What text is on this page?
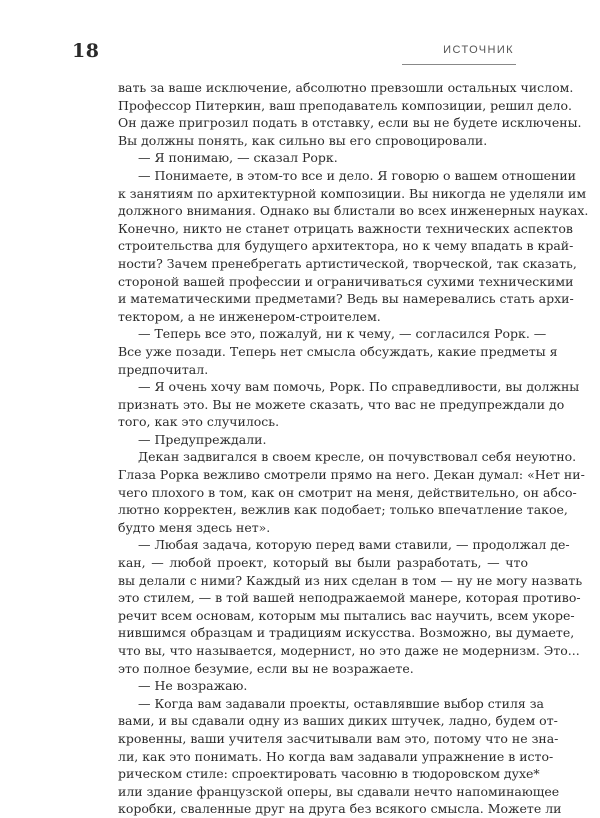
18	ИСТОЧНИК
вать за ваше исключение, абсолютно превзошли остальных числом.
Профессор Питеркин, ваш преподаватель композиции, решил дело.
Он даже пригрозил подать в отставку, если вы не будете исключены.
Вы должны понять, как сильно вы его спровоцировали.
— Я понимаю, — сказал Рорк.
— Понимаете, в этом-то все и дело. Я говорю о вашем отношении
к занятиям по архитектурной композиции. Вы никогда не уделяли им
должного внимания. Однако вы блистали во всех инженерных науках.
Конечно, никто не станет отрицать важности технических аспектов
строительства для будущего архитектора, но к чему впадать в край-
ности? Зачем пренебрегать артистической, творческой, так сказать,
стороной вашей профессии и ограничиваться сухими техническими
и математическими предметами? Ведь вы намеревались стать архи-
тектором, а не инженером-строителем.
— Теперь все это, пожалуй, ни к чему, — согласился Рорк. —
Все уже позади. Теперь нет смысла обсуждать, какие предметы я
предпочитал.
— Я очень хочу вам помочь, Рорк. По справедливости, вы должны
признать это. Вы не можете сказать, что вас не предупреждали до
того, как это случилось.
— Предупреждали.
Декан задвигался в своем кресле, он почувствовал себя неуютно.
Глаза Рорка вежливо смотрели прямо на него. Декан думал: «Нет ни-
чего плохого в том, как он смотрит на меня, действительно, он абсо-
лютно корректен, вежлив как подобает; только впечатление такое,
будто меня здесь нет».
— Любая задача, которую перед вами ставили, — продолжал де-
кан, — любой проект, который вы были разработать, — что
вы делали с ними? Каждый из них сделан в том — ну не могу назвать
это стилем, — в той вашей неподражаемой манере, которая противо-
речит всем основам, которым мы пытались вас научить, всем укоре-
нившимся образцам и традициям искусства. Возможно, вы думаете,
что вы, что называется, модернист, но это даже не модернизм. Это...
это полное безумие, если вы не возражаете.
— Не возражаю.
— Когда вам задавали проекты, оставлявшие выбор стиля за
вами, и вы сдавали одну из ваших диких штучек, ладно, будем от-
кровенны, ваши учителя засчитывали вам это, потому что не зна-
ли, как это понимать. Но когда вам задавали упражнение в исто-
рическом стиле: спроектировать часовню в тюдоровском духе*
или здание французской оперы, вы сдавали нечто напоминающее
коробки, сваленные друг на друга без всякого смысла. Можете ли
